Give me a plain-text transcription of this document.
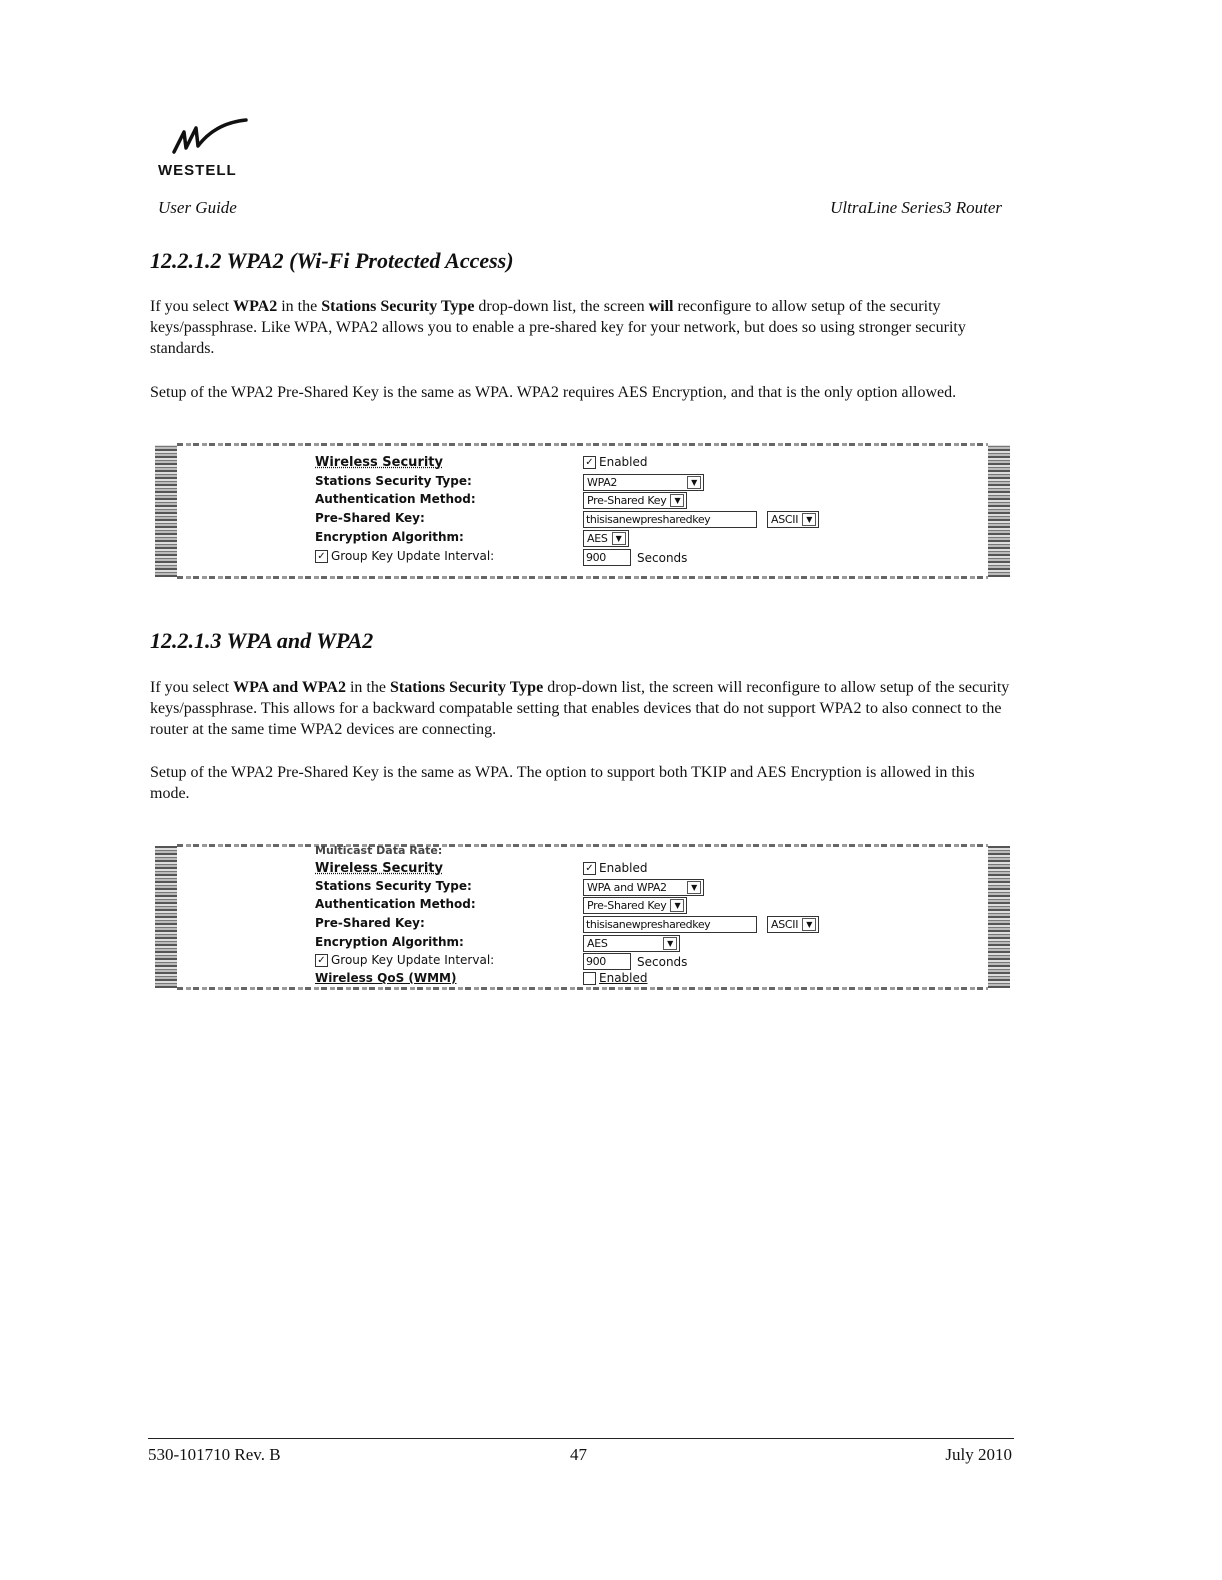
WESTELL
User Guide	UltraLine Series3 Router
12.2.1.2 WPA2 (Wi-Fi Protected Access)
If you select WPA2 in the Stations Security Type drop-down list, the screen will reconfigure to allow setup of the security keys/passphrase. Like WPA, WPA2 allows you to enable a pre-shared key for your network, but does so using stronger security standards.
Setup of the WPA2 Pre-Shared Key is the same as WPA. WPA2 requires AES Encryption, and that is the only option allowed.
Wireless Security	✓ Enabled
Stations Security Type:	WPA2	▼
Authentication Method:	Pre-Shared Key	▼
Pre-Shared Key:	thisisanewpresharedkey	ASCII	▼
Encryption Algorithm:	AES	▼
✓ Group Key Update Interval:	900	Seconds
12.2.1.3 WPA and WPA2
If you select WPA and WPA2 in the Stations Security Type drop-down list, the screen will reconfigure to allow setup of the security keys/passphrase. This allows for a backward compatable setting that enables devices that do not support WPA2 to also connect to the router at the same time WPA2 devices are connecting.
Setup of the WPA2 Pre-Shared Key is the same as WPA. The option to support both TKIP and AES Encryption is allowed in this mode.
Multicast Data Rate:
Wireless Security	✓ Enabled
Stations Security Type:	WPA and WPA2	▼
Authentication Method:	Pre-Shared Key	▼
Pre-Shared Key:	thisisanewpresharedkey	ASCII	▼
Encryption Algorithm:	AES	▼
✓ Group Key Update Interval:	900	Seconds
Wireless QoS (WMM)	Enabled
530-101710 Rev. B	47	July 2010
